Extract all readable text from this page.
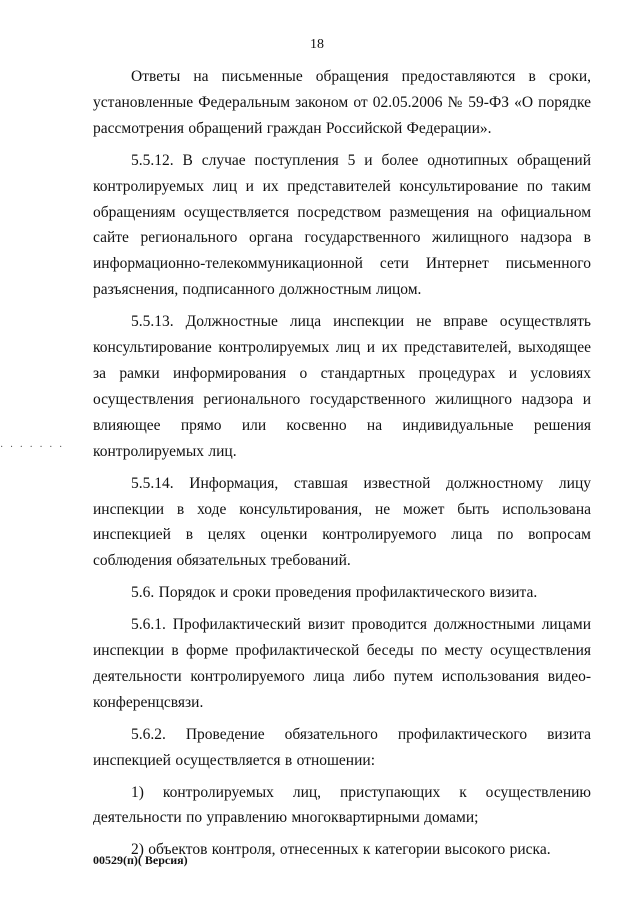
18
· · · · · · ·

Ответы на письменные обращения предоставляются в сроки, установленные Федеральным законом от 02.05.2006 № 59-ФЗ «О порядке рассмотрения обращений граждан Российской Федерации».

5.5.12. В случае поступления 5 и более однотипных обращений контролируемых лиц и их представителей консультирование по таким обращениям осуществляется посредством размещения на официальном сайте регионального органа государственного жилищного надзора в информационно-телекоммуникационной сети Интернет письменного разъяснения, подписанного должностным лицом.

5.5.13. Должностные лица инспекции не вправе осуществлять консультирование контролируемых лиц и их представителей, выходящее за рамки информирования о стандартных процедурах и условиях осуществления регионального государственного жилищного надзора и влияющее прямо или косвенно на индивидуальные решения контролируемых лиц.

5.5.14. Информация, ставшая известной должностному лицу инспекции в ходе консультирования, не может быть использована инспекцией в целях оценки контролируемого лица по вопросам соблюдения обязательных требований.

5.6. Порядок и сроки проведения профилактического визита.

5.6.1. Профилактический визит проводится должностными лицами инспекции в форме профилактической беседы по месту осуществления деятельности контролируемого лица либо путем использования видео-конференцсвязи.

5.6.2. Проведение обязательного профилактического визита инспекцией осуществляется в отношении:

1) контролируемых лиц, приступающих к осуществлению деятельности по управлению многоквартирными домами;

2) объектов контроля, отнесенных к категории высокого риска.

00529(п)( Версия)
